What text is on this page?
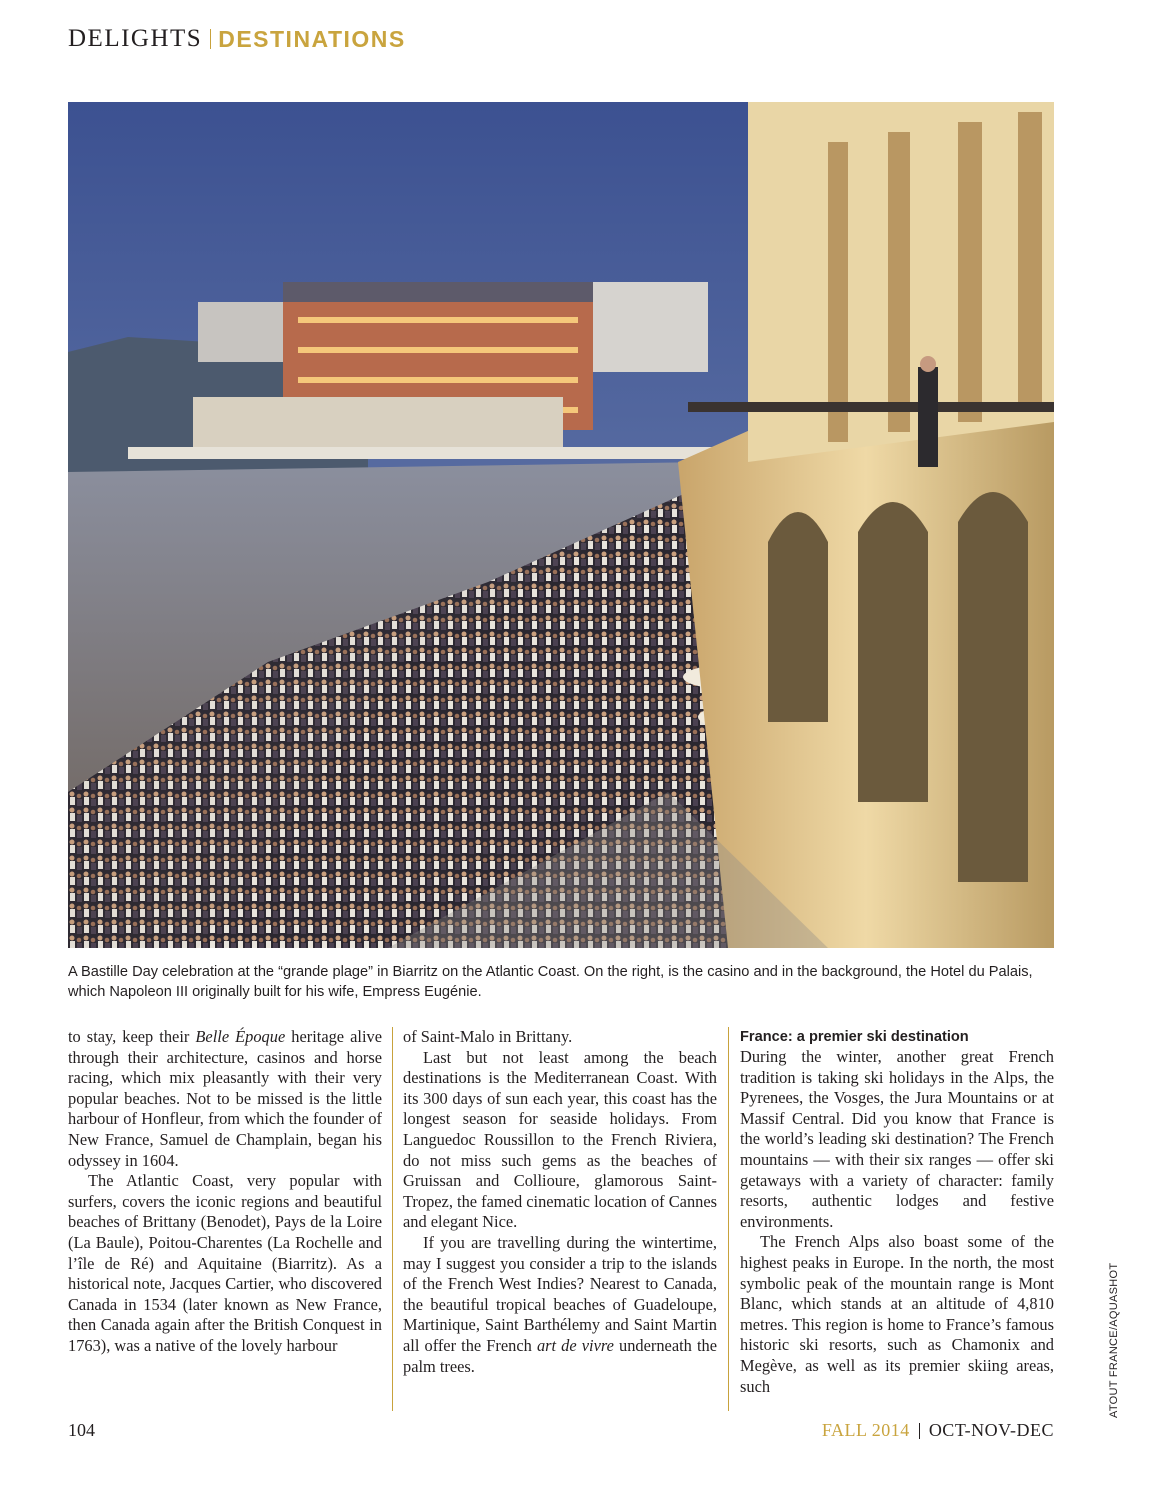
DELIGHTS DESTINATIONS

A Bastille Day celebration at the “grande plage” in Biarritz on the Atlantic Coast. On the right, is the casino and in the background, the Hotel du Palais, which Napoleon III originally built for his wife, Empress Eugénie.

to stay, keep their Belle Époque heritage alive through their architecture, casinos and horse racing, which mix pleasantly with their very popular beaches. Not to be missed is the little harbour of Honfleur, from which the founder of New France, Samuel de Champlain, began his odyssey in 1604.

The Atlantic Coast, very popular with surfers, covers the iconic regions and beautiful beaches of Brittany (Benodet), Pays de la Loire (La Baule), Poitou-Charentes (La Rochelle and l’île de Ré) and Aquitaine (Biarritz). As a historical note, Jacques Cartier, who discovered Canada in 1534 (later known as New France, then Canada again after the British Conquest in 1763), was a native of the lovely harbour

of Saint-Malo in Brittany.

Last but not least among the beach destinations is the Mediterranean Coast. With its 300 days of sun each year, this coast has the longest season for seaside holidays. From Languedoc Roussillon to the French Riviera, do not miss such gems as the beaches of Gruissan and Collioure, glamorous Saint-Tropez, the famed cinematic location of Cannes and elegant Nice.

If you are travelling during the wintertime, may I suggest you consider a trip to the islands of the French West Indies? Nearest to Canada, the beautiful tropical beaches of Guadeloupe, Martinique, Saint Barthélemy and Saint Martin all offer the French art de vivre underneath the palm trees.

France: a premier ski destination

During the winter, another great French tradition is taking ski holidays in the Alps, the Pyrenees, the Vosges, the Jura Mountains or at Massif Central. Did you know that France is the world’s leading ski destination? The French mountains — with their six ranges — offer ski getaways with a variety of character: family resorts, authentic lodges and festive environments.

The French Alps also boast some of the highest peaks in Europe. In the north, the most symbolic peak of the mountain range is Mont Blanc, which stands at an altitude of 4,810 metres. This region is home to France’s famous historic ski resorts, such as Chamonix and Megève, as well as its premier skiing areas, such	ATOUT FRANCE/AQUASHOT
104	FALL 2014 OCT-NOV-DEC
